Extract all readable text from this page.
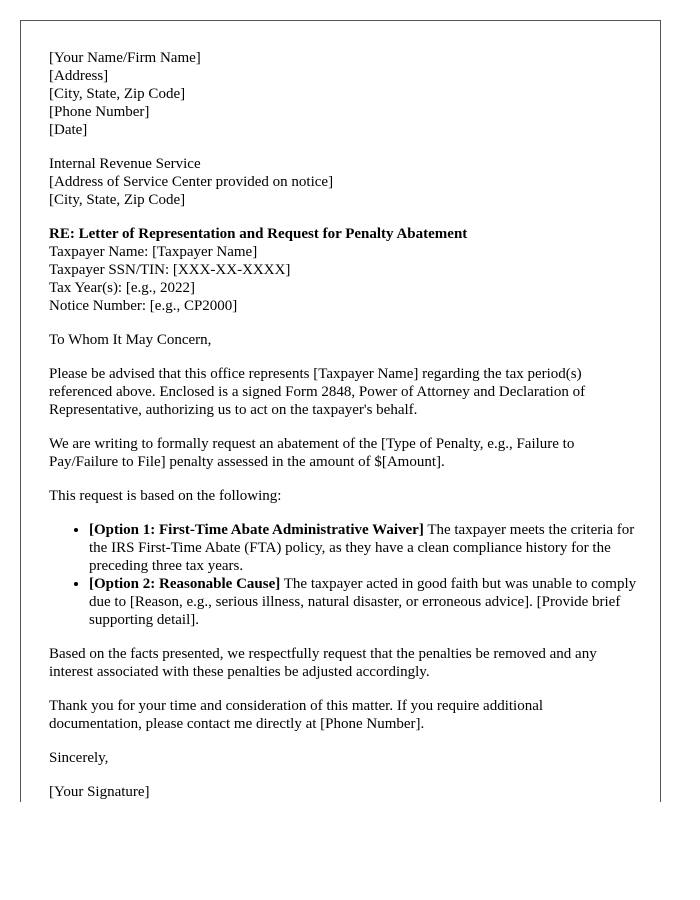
[Your Name/Firm Name]
[Address]
[City, State, Zip Code]
[Phone Number]
[Date]
Internal Revenue Service
[Address of Service Center provided on notice]
[City, State, Zip Code]
RE: Letter of Representation and Request for Penalty Abatement
Taxpayer Name: [Taxpayer Name]
Taxpayer SSN/TIN: [XXX-XX-XXXX]
Tax Year(s): [e.g., 2022]
Notice Number: [e.g., CP2000]

To Whom It May Concern,

Please be advised that this office represents [Taxpayer Name] regarding the tax period(s) referenced above. Enclosed is a signed Form 2848, Power of Attorney and Declaration of Representative, authorizing us to act on the taxpayer's behalf.

We are writing to formally request an abatement of the [Type of Penalty, e.g., Failure to Pay/Failure to File] penalty assessed in the amount of $[Amount].

This request is based on the following:

• [Option 1: First-Time Abate Administrative Waiver] The taxpayer meets the criteria for the IRS First-Time Abate (FTA) policy, as they have a clean compliance history for the preceding three tax years.
• [Option 2: Reasonable Cause] The taxpayer acted in good faith but was unable to comply due to [Reason, e.g., serious illness, natural disaster, or erroneous advice]. [Provide brief supporting detail].

Based on the facts presented, we respectfully request that the penalties be removed and any interest associated with these penalties be adjusted accordingly.

Thank you for your time and consideration of this matter. If you require additional documentation, please contact me directly at [Phone Number].

Sincerely,

[Your Signature]
